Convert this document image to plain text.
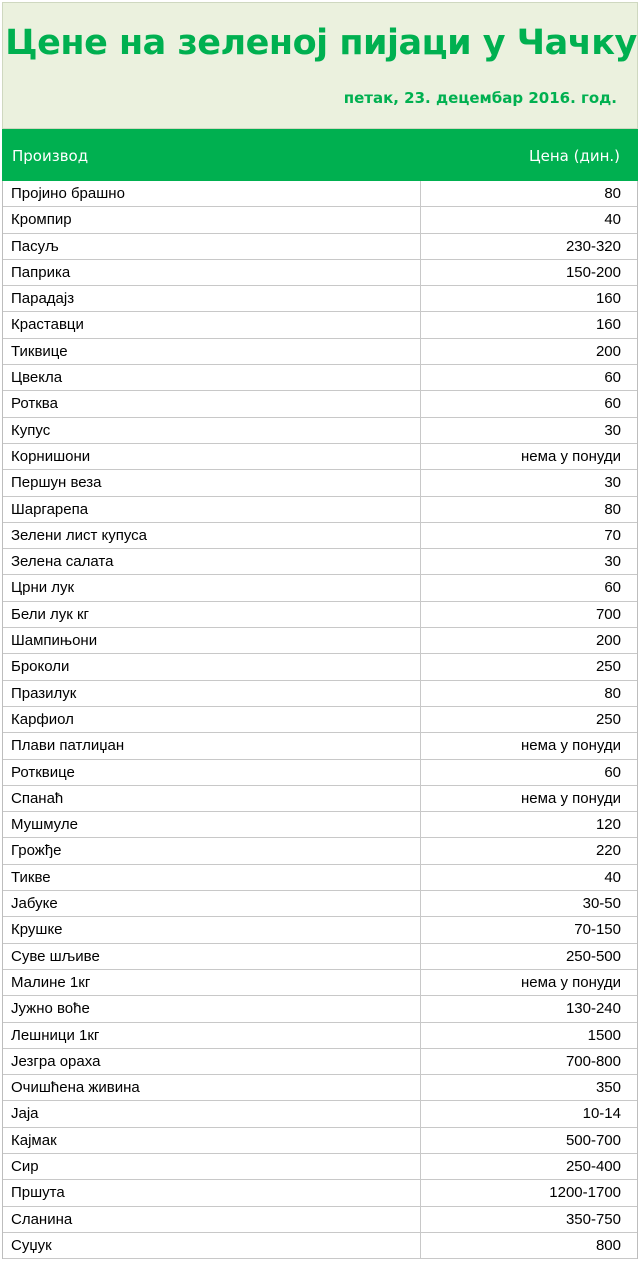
Цене на зеленој пијаци у Чачку
петак, 23. децембар 2016. год.
Производ	Цена (дин.)
Пројино брашно	80
Кромпир	40
Пасуљ	230-320
Паприка	150-200
Парадајз	160
Краставци	160
Тиквице	200
Цвекла	60
Ротква	60
Купус	30
Корнишони	нема у понуди
Першун веза	30
Шаргарепа	80
Зелени лист купуса	70
Зелена салата	30
Црни лук	60
Бели лук кг	700
Шампињони	200
Броколи	250
Празилук	80
Карфиол	250
Плави патлиџан	нема у понуди
Ротквице	60
Спанаћ	нема у понуди
Мушмуле	120
Грожђе	220
Тикве	40
Јабуке	30-50
Крушке	70-150
Суве шљиве	250-500
Малине 1кг	нема у понуди
Јужно воће	130-240
Лешници 1кг	1500
Језгра ораха	700-800
Очишћена живина	350
Јаја	10-14
Кајмак	500-700
Сир	250-400
Пршута	1200-1700
Сланина	350-750
Суџук	800
